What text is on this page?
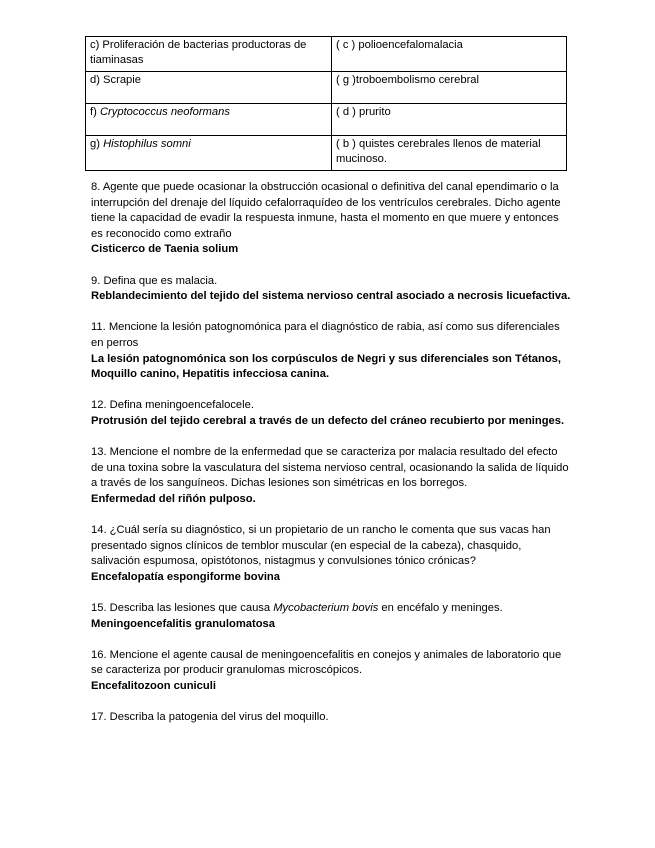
c) Proliferación de bacterias productoras de tiaminasas	( c ) polioencefalomalacia
d) Scrapie	( g )troboembolismo cerebral
f) Cryptococcus neoformans	( d ) prurito
g) Histophilus somni	( b ) quistes cerebrales llenos de material mucinoso.

8. Agente que puede ocasionar la obstrucción ocasional o definitiva del canal ependimario o la interrupción del drenaje del líquido cefalorraquídeo de los ventrículos cerebrales. Dicho agente tiene la capacidad de evadir la respuesta inmune, hasta el momento en que muere y entonces es reconocido como extraño

Cisticerco de Taenia solium

9. Defina que es malacia.

Reblandecimiento del tejido del sistema nervioso central asociado a necrosis licuefactiva.

11. Mencione la lesión patognomónica para el diagnóstico de rabia, así como sus diferenciales en perros

La lesión patognomónica son los corpúsculos de Negri y sus diferenciales son Tétanos, Moquillo canino, Hepatitis infecciosa canina.

12. Defina meningoencefalocele.

Protrusión del tejido cerebral a través de un defecto del cráneo recubierto por meninges.

13. Mencione el nombre de la enfermedad que se caracteriza por malacia resultado del efecto de una toxina sobre la vasculatura del sistema nervioso central, ocasionando la salida de líquido a través de los sanguíneos. Dichas lesiones son simétricas en los borregos.

Enfermedad del riñón pulposo.

14. ¿Cuál sería su diagnóstico, si un propietario de un rancho le comenta que sus vacas han presentado signos clínicos de temblor muscular (en especial de la cabeza), chasquido, salivación espumosa, opistótonos, nistagmus y convulsiones tónico crónicas?

Encefalopatía espongiforme bovina

15. Describa las lesiones que causa Mycobacterium bovis en encéfalo y meninges.

Meningoencefalitis granulomatosa

16. Mencione el agente causal de meningoencefalitis en conejos y animales de laboratorio que se caracteriza por producir granulomas microscópicos.

Encefalitozoon cuniculi

17. Describa la patogenia del virus del moquillo.
